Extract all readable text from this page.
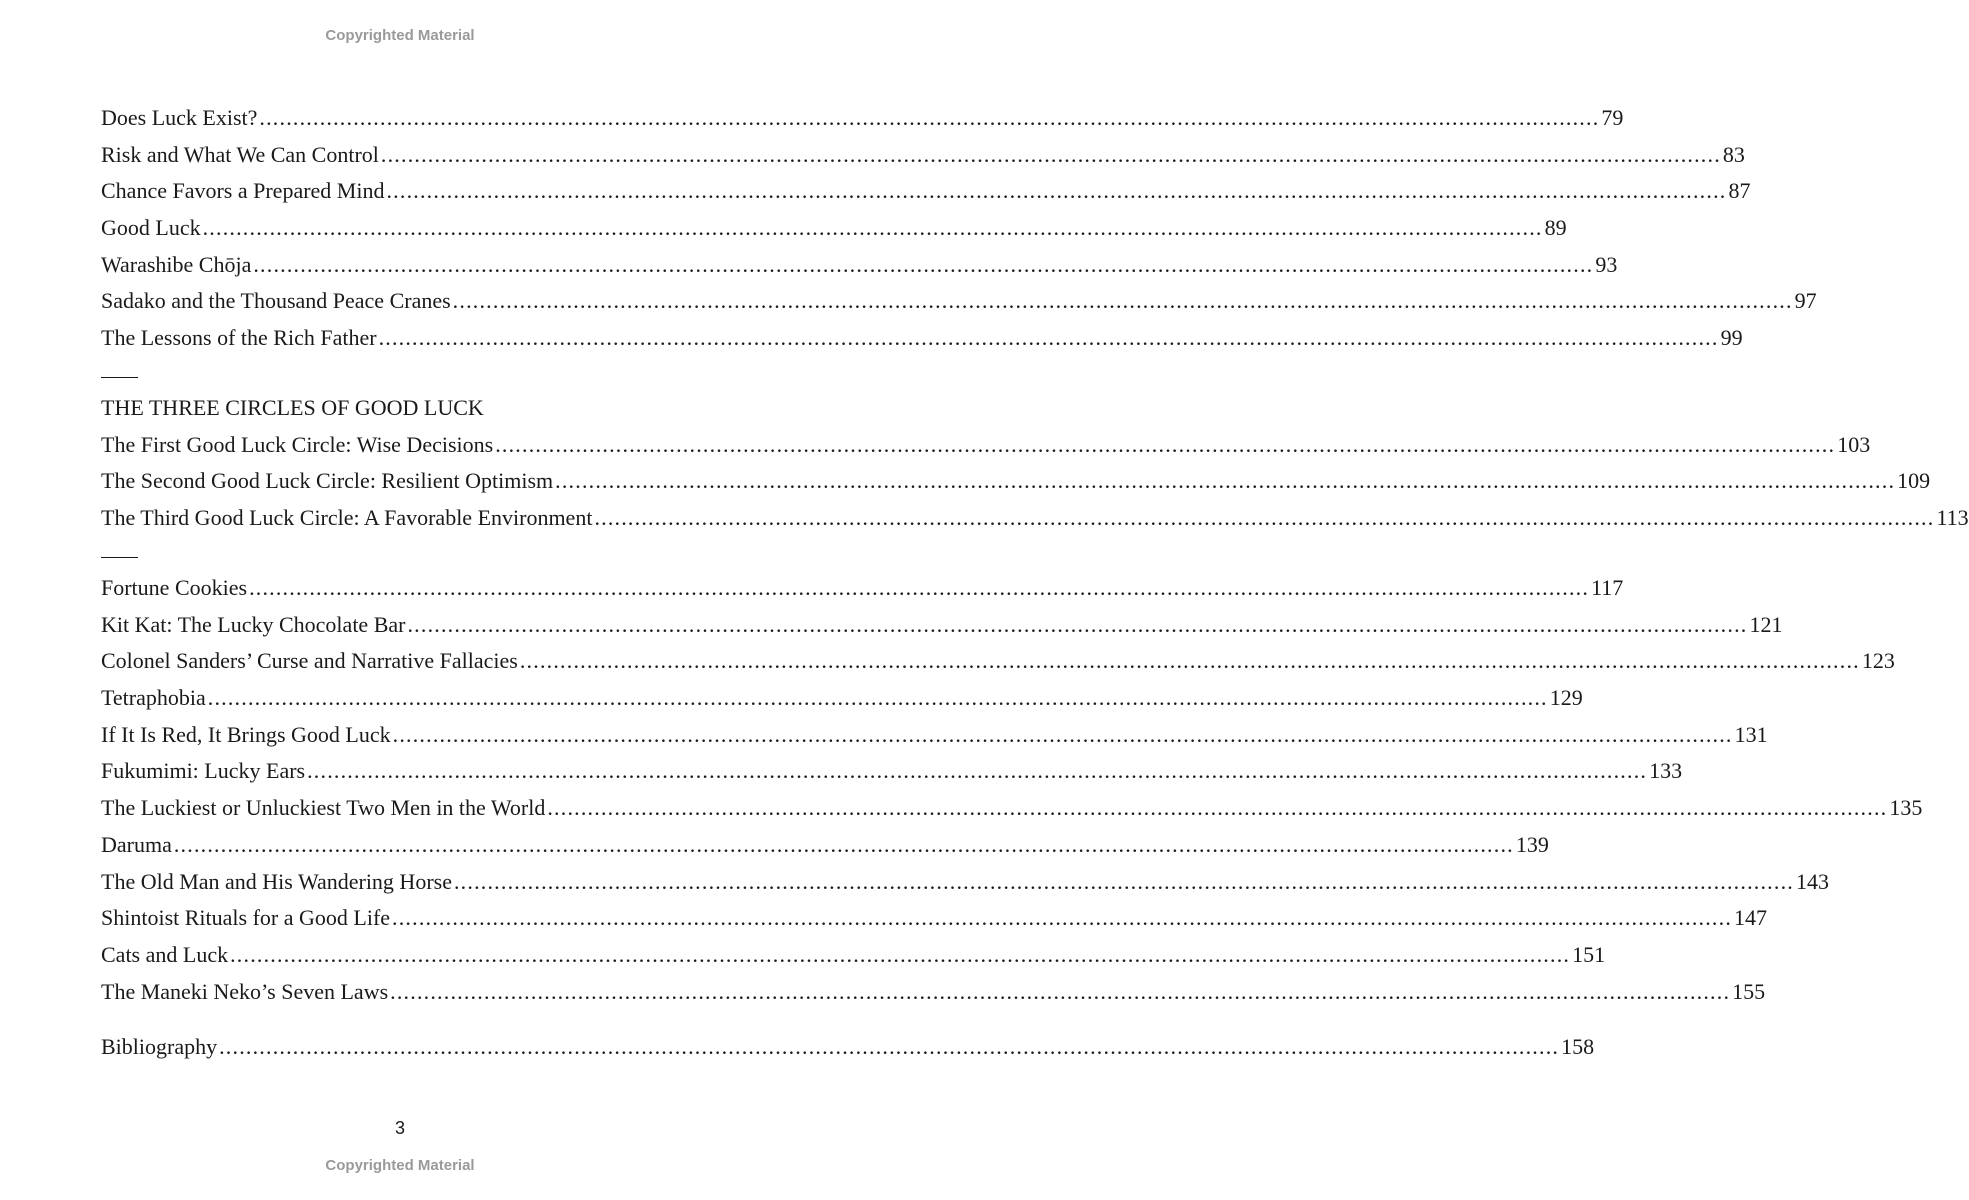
Copyrighted Material
Does Luck Exist? ........................................................................................................................................................................................................ 79
Risk and What We Can Control ........................................................................................................................................................................................................ 83
Chance Favors a Prepared Mind ........................................................................................................................................................................................................ 87
Good Luck ........................................................................................................................................................................................................ 89
Warashibe Chōja ........................................................................................................................................................................................................ 93
Sadako and the Thousand Peace Cranes ........................................................................................................................................................................................................ 97
The Lessons of the Rich Father ........................................................................................................................................................................................................ 99
THE THREE CIRCLES OF GOOD LUCK
The First Good Luck Circle: Wise Decisions ........................................................................................................................................................................................................ 103
The Second Good Luck Circle: Resilient Optimism ........................................................................................................................................................................................................ 109
The Third Good Luck Circle: A Favorable Environment ........................................................................................................................................................................................................ 113
Fortune Cookies ........................................................................................................................................................................................................ 117
Kit Kat: The Lucky Chocolate Bar ........................................................................................................................................................................................................ 121
Colonel Sanders’ Curse and Narrative Fallacies ........................................................................................................................................................................................................ 123
Tetraphobia ........................................................................................................................................................................................................ 129
If It Is Red, It Brings Good Luck ........................................................................................................................................................................................................ 131
Fukumimi: Lucky Ears ........................................................................................................................................................................................................ 133
The Luckiest or Unluckiest Two Men in the World ........................................................................................................................................................................................................ 135
Daruma ........................................................................................................................................................................................................ 139
The Old Man and His Wandering Horse ........................................................................................................................................................................................................ 143
Shintoist Rituals for a Good Life ........................................................................................................................................................................................................ 147
Cats and Luck ........................................................................................................................................................................................................ 151
The Maneki Neko’s Seven Laws ........................................................................................................................................................................................................ 155
Bibliography ........................................................................................................................................................................................................ 158
3
Copyrighted Material
